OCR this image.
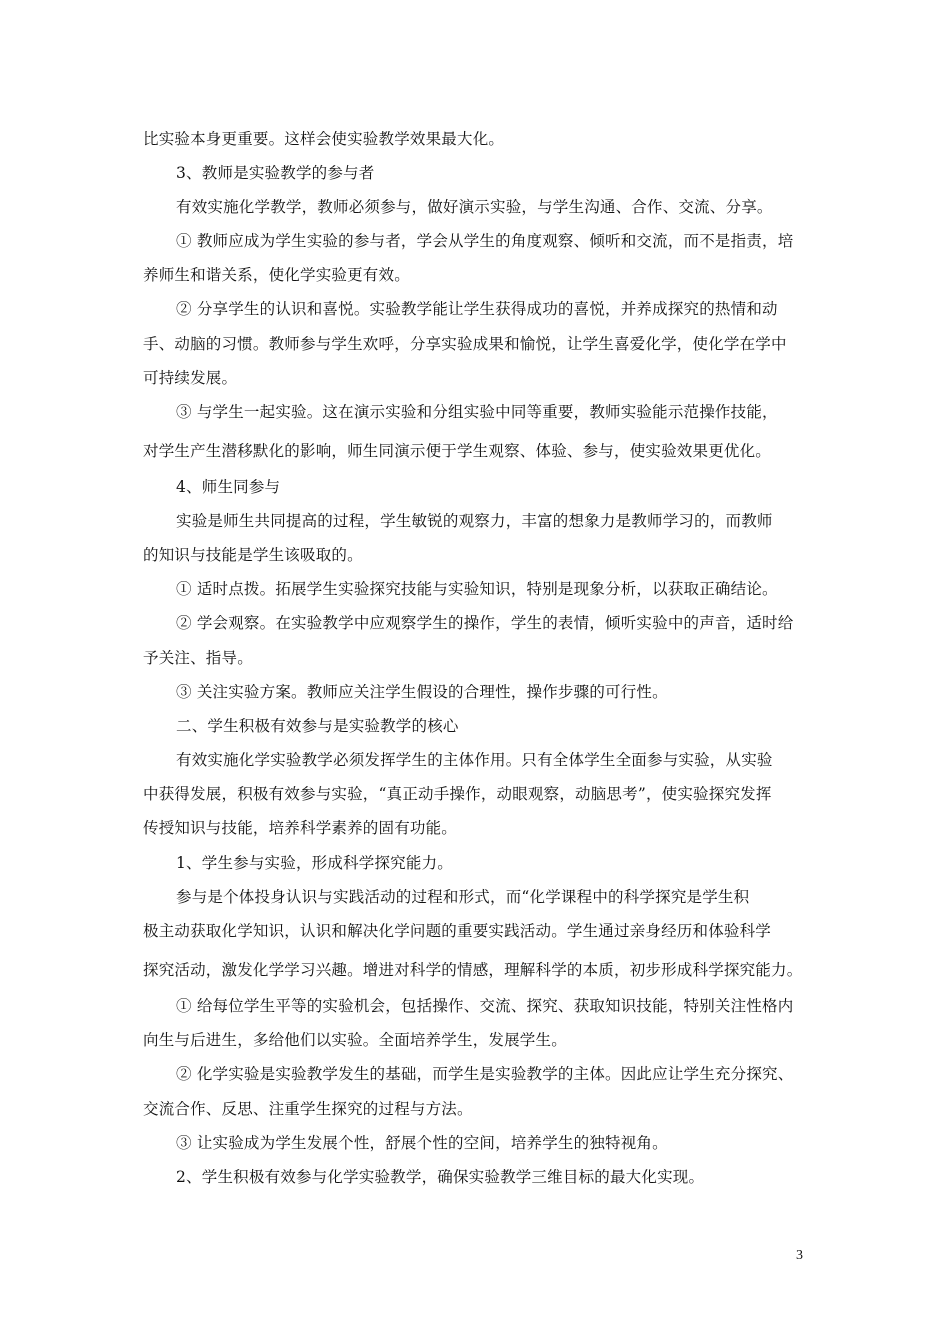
比实验本身更重要。这样会使实验教学效果最大化。
3、教师是实验教学的参与者
有效实施化学教学，教师必须参与，做好演示实验，与学生沟通、合作、交流、分享。
① 教师应成为学生实验的参与者，学会从学生的角度观察、倾听和交流，而不是指责，培
养师生和谐关系，使化学实验更有效。
② 分享学生的认识和喜悦。实验教学能让学生获得成功的喜悦，并养成探究的热情和动
手、动脑的习惯。教师参与学生欢呼，分享实验成果和愉悦，让学生喜爱化学，使化学在学中
可持续发展。
③ 与学生一起实验。这在演示实验和分组实验中同等重要，教师实验能示范操作技能，
对学生产生潜移默化的影响，师生同演示便于学生观察、体验、参与，使实验效果更优化。
4、师生同参与
实验是师生共同提高的过程，学生敏锐的观察力，丰富的想象力是教师学习的，而教师
的知识与技能是学生该吸取的。
① 适时点拨。拓展学生实验探究技能与实验知识，特别是现象分析，以获取正确结论。
② 学会观察。在实验教学中应观察学生的操作，学生的表情，倾听实验中的声音，适时给
予关注、指导。
③ 关注实验方案。教师应关注学生假设的合理性，操作步骤的可行性。
二、学生积极有效参与是实验教学的核心
有效实施化学实验教学必须发挥学生的主体作用。只有全体学生全面参与实验，从实验
中获得发展，积极有效参与实验，“真正动手操作，动眼观察，动脑思考”，使实验探究发挥
传授知识与技能，培养科学素养的固有功能。
1、学生参与实验，形成科学探究能力。
参与是个体投身认识与实践活动的过程和形式，而“化学课程中的科学探究是学生积
极主动获取化学知识，认识和解决化学问题的重要实践活动。学生通过亲身经历和体验科学
探究活动，激发化学学习兴趣。增进对科学的情感，理解科学的本质，初步形成科学探究能力。
① 给每位学生平等的实验机会，包括操作、交流、探究、获取知识技能，特别关注性格内
向生与后进生，多给他们以实验。全面培养学生，发展学生。
② 化学实验是实验教学发生的基础，而学生是实验教学的主体。因此应让学生充分探究、
交流合作、反思、注重学生探究的过程与方法。
③ 让实验成为学生发展个性，舒展个性的空间，培养学生的独特视角。
2、学生积极有效参与化学实验教学，确保实验教学三维目标的最大化实现。
3
